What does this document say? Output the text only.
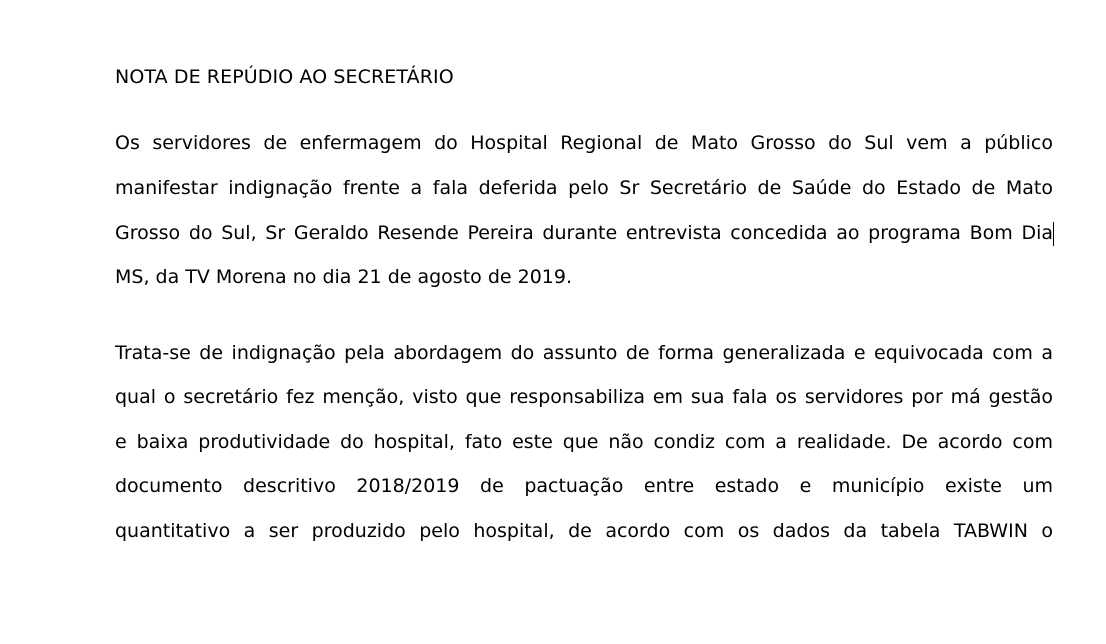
NOTA DE REPÚDIO AO SECRETÁRIO
Os servidores de enfermagem do Hospital Regional de Mato Grosso do Sul vem a público
manifestar indignação frente a fala deferida pelo Sr Secretário de Saúde do Estado de Mato
Grosso do Sul, Sr Geraldo Resende Pereira durante entrevista concedida ao programa Bom Dia
MS, da TV Morena no dia 21 de agosto de 2019.
Trata-se de indignação pela abordagem do assunto de forma generalizada e equivocada com a
qual o secretário fez menção, visto que responsabiliza em sua fala os servidores por má gestão
e baixa produtividade do hospital, fato este que não condiz com a realidade. De acordo com
documento descritivo 2018/2019 de pactuação entre estado e município existe um
quantitativo a ser produzido pelo hospital, de acordo com os dados da tabela TABWIN o
